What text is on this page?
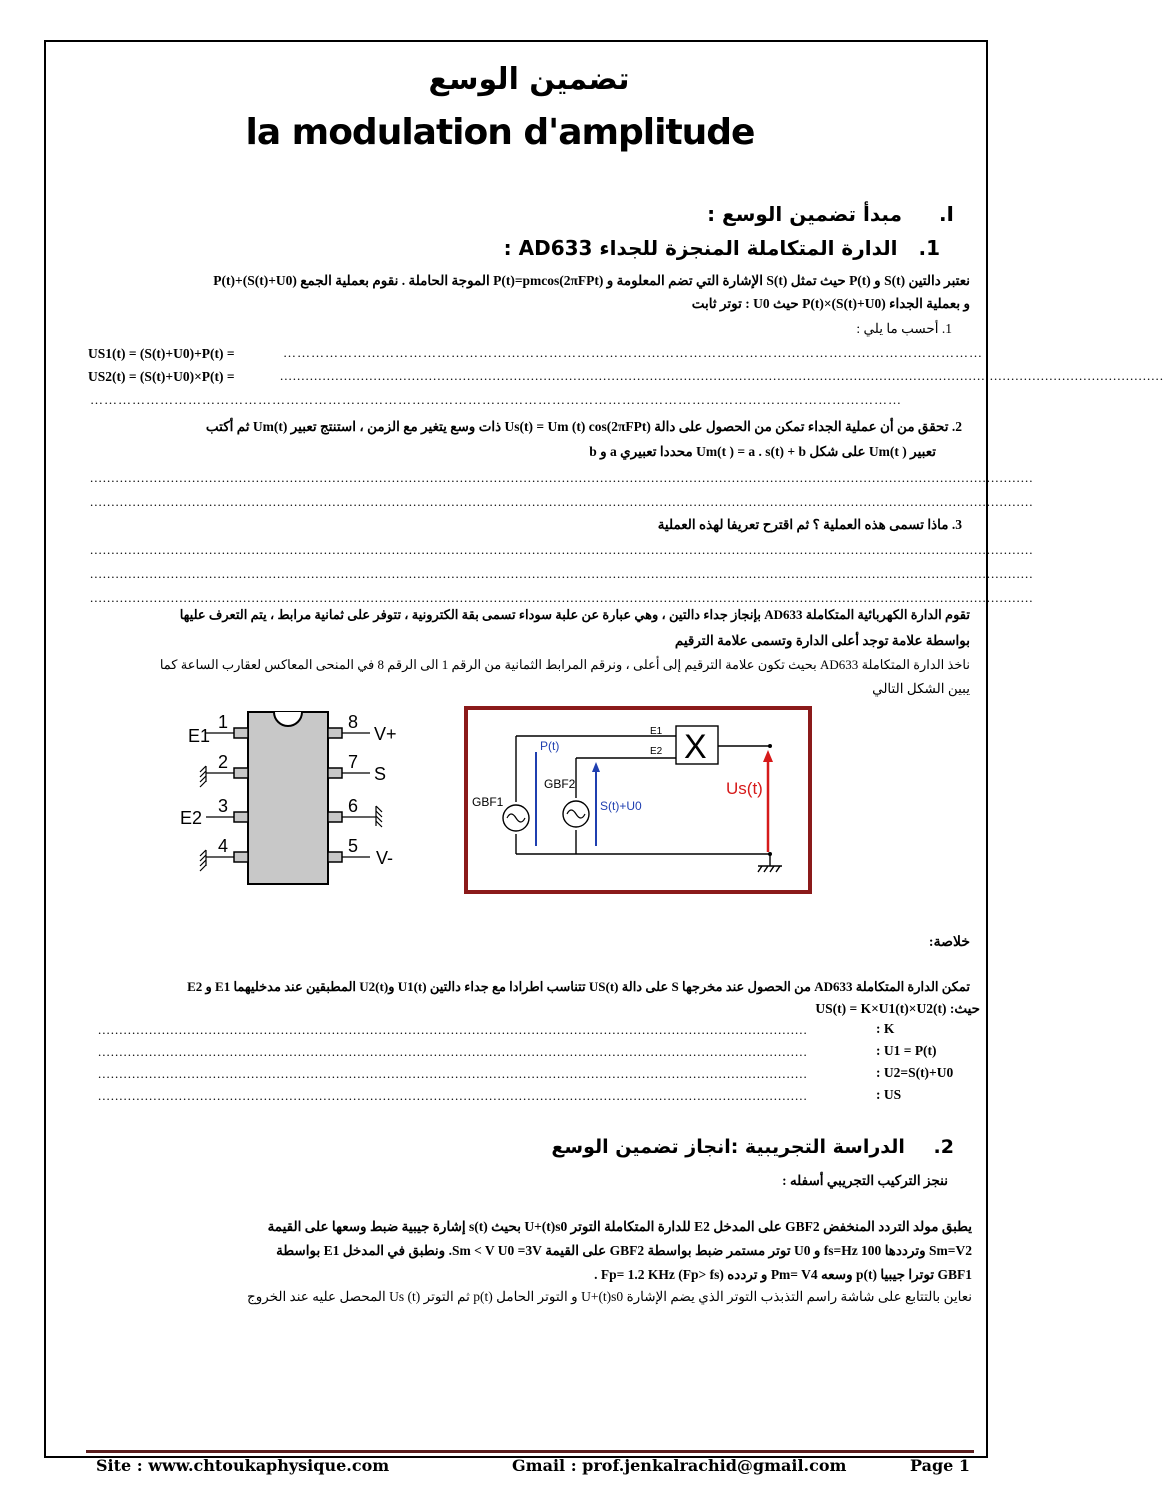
تضمين الوسع
la modulation d'amplitude
I. مبدأ تضمين الوسع :
1. الدارة المتكاملة المنجزة للجداء AD633 :
نعتبر دالتين S(t) و P(t) حيث تمثل S(t) الإشارة التي تضم المعلومة و P(t)=pmcos(2πFPt) الموجة الحاملة . نقوم بعملية الجمع (S(t)+U0)+P(t)
و بعملية الجداء (S(t)+U0)×P(t) حيث U0 : توتر ثابت
1. أحسب ما يلي :
US1(t) = (S(t)+U0)+P(t) =	……………………………………………………………………………………………………………………………………
US2(t) = (S(t)+U0)×P(t) =	................................................................................................................................................................................................................
…………………………………………………………………………………………………………………………………………………………
2. تحقق من أن عملية الجداء تمكن من الحصول على دالة Us(t) = Um (t) cos(2πFPt) ذات وسع يتغير مع الزمن ، استنتج تعبير Um(t) ثم أكتب
تعبير Um(t ) على شكل Um(t ) = a . s(t) + b محددا تعبيري a و b
..............................................................................................................................................................................................................................
..............................................................................................................................................................................................................................
3. ماذا تسمى هذه العملية ؟ ثم اقترح تعريفا لهذه العملية
..............................................................................................................................................................................................................................
..............................................................................................................................................................................................................................
..............................................................................................................................................................................................................................
تقوم الدارة الكهربائية المتكاملة AD633 بإنجاز جداء دالتين ، وهي عبارة عن علبة سوداء تسمى بقة الكترونية ، تتوفر على ثمانية مرابط ، يتم التعرف عليها
بواسطة علامة توجد أعلى الدارة وتسمى علامة الترقيم
ناخذ الدارة المتكاملة AD633 بحيث تكون علامة الترقيم إلى أعلى ، ونرقم المرابط الثمانية من الرقم 1 الى الرقم 8 في المنحى المعاكس لعقارب الساعة كما
يبين الشكل التالي
1
2
3
4
8
7
6
5
E1
E2
V+
S
V-
GBF1
GBF2
P(t)
S(t)+U0
E1
E2
Us(t)
X
خلاصة:
تمكن الدارة المتكاملة AD633 من الحصول عند مخرجها S على دالة US(t) تتناسب اطرادا مع جداء دالتين U1(t) وU2(t) المطبقين عند مدخليهما E1 و E2
حيث: US(t) = K×U1(t)×U2(t)
.......................................................................................................................................................................	: K
.......................................................................................................................................................................	: U1 = P(t)
.......................................................................................................................................................................	: U2=S(t)+U0
.......................................................................................................................................................................	: US
2. الدراسة التجريبية :انجاز تضمين الوسع
ننجز التركيب التجريبي أسفله :
يطبق مولد التردد المنخفض GBF2 على المدخل E2 للدارة المتكاملة التوتر U+(t)s0 بحيث (t)s إشارة جيبية ضبط وسعها على القيمة
Sm=V2 وترددها fs=Hz 100 و U0 توتر مستمر ضبط بواسطة GBF2 على القيمة Sm < V U0 =3V. ونطبق في المدخل E1 بواسطة
GBF1 توترا جيبيا p(t) وسعه Pm= V4 و تردده Fp= 1.2 KHz (Fp> fs) .
نعاين بالتتابع على شاشة راسم التذبذب التوتر الذي يضم الإشارة U+(t)s0 و التوتر الحامل p(t) ثم التوتر Us (t) المحصل عليه عند الخروج
Site : www.chtoukaphysique.com	Gmail : prof.jenkalrachid@gmail.com	Page 1
